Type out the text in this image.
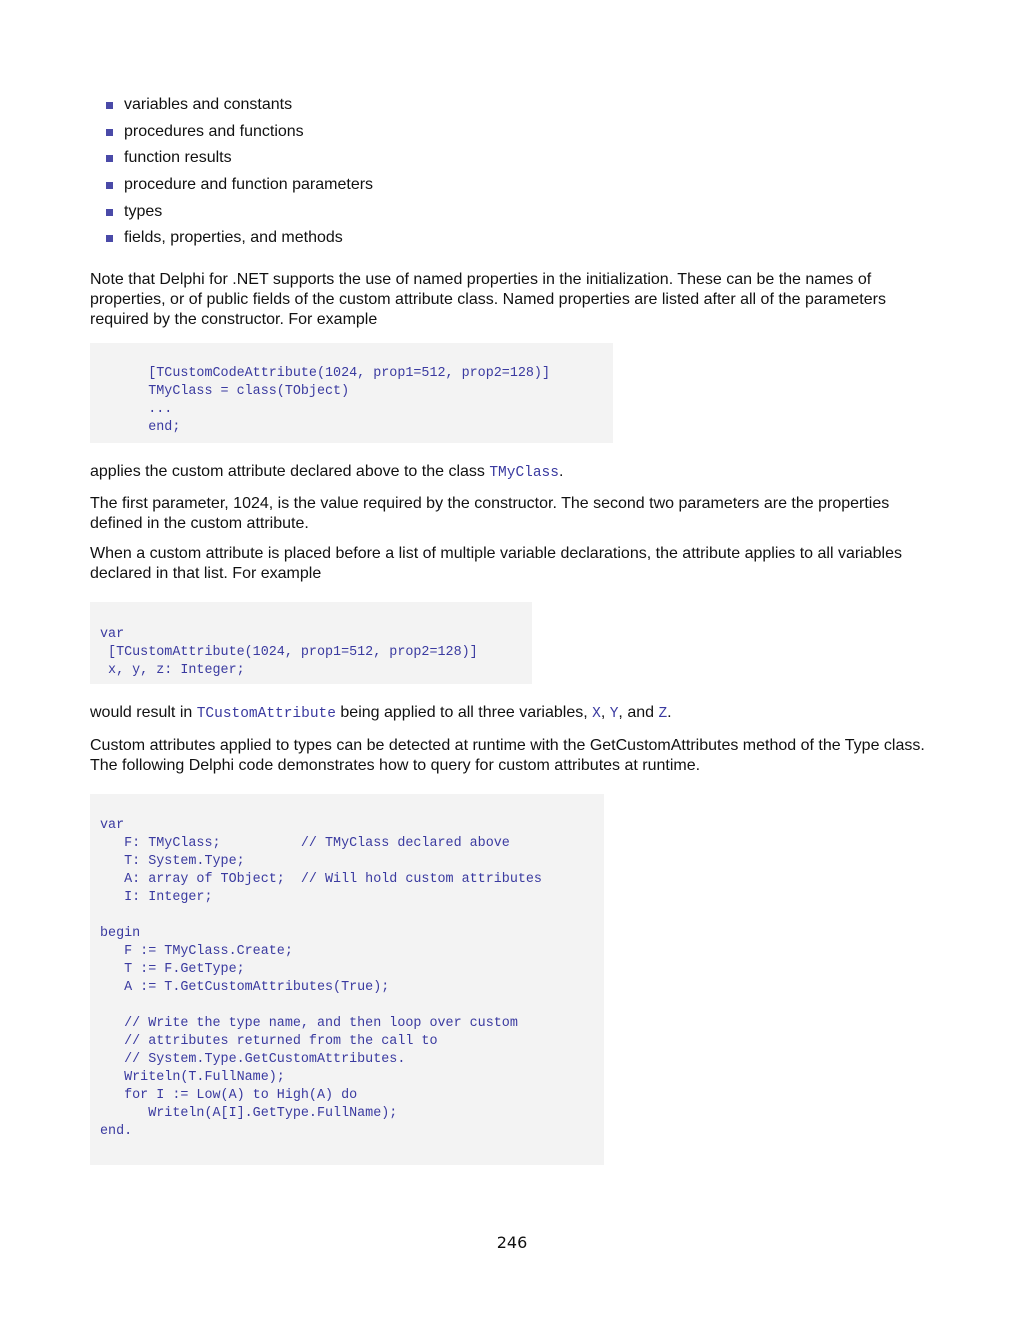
variables and constants
procedures and functions
function results
procedure and function parameters
types
fields, properties, and methods

Note that Delphi for .NET supports the use of named properties in the initialization. These can be the names of properties, or of public fields of the custom attribute class. Named properties are listed after all of the parameters required by the constructor. For example

[TCustomCodeAttribute(1024, prop1=512, prop2=128)]
TMyClass = class(TObject)
...
end;

applies the custom attribute declared above to the class TMyClass.

The first parameter, 1024, is the value required by the constructor. The second two parameters are the properties defined in the custom attribute.

When a custom attribute is placed before a list of multiple variable declarations, the attribute applies to all variables declared in that list. For example

var
[TCustomAttribute(1024, prop1=512, prop2=128)]
x, y, z: Integer;

would result in TCustomAttribute being applied to all three variables, X, Y, and Z.

Custom attributes applied to types can be detected at runtime with the GetCustomAttributes method of the Type class. The following Delphi code demonstrates how to query for custom attributes at runtime.

var
F: TMyClass;          // TMyClass declared above
T: System.Type;
A: array of TObject;  // Will hold custom attributes
I: Integer;

begin
F := TMyClass.Create;
T := F.GetType;
A := T.GetCustomAttributes(True);

// Write the type name, and then loop over custom
// attributes returned from the call to
// System.Type.GetCustomAttributes.
Writeln(T.FullName);
for I := Low(A) to High(A) do
Writeln(A[I].GetType.FullName);
end.
246
